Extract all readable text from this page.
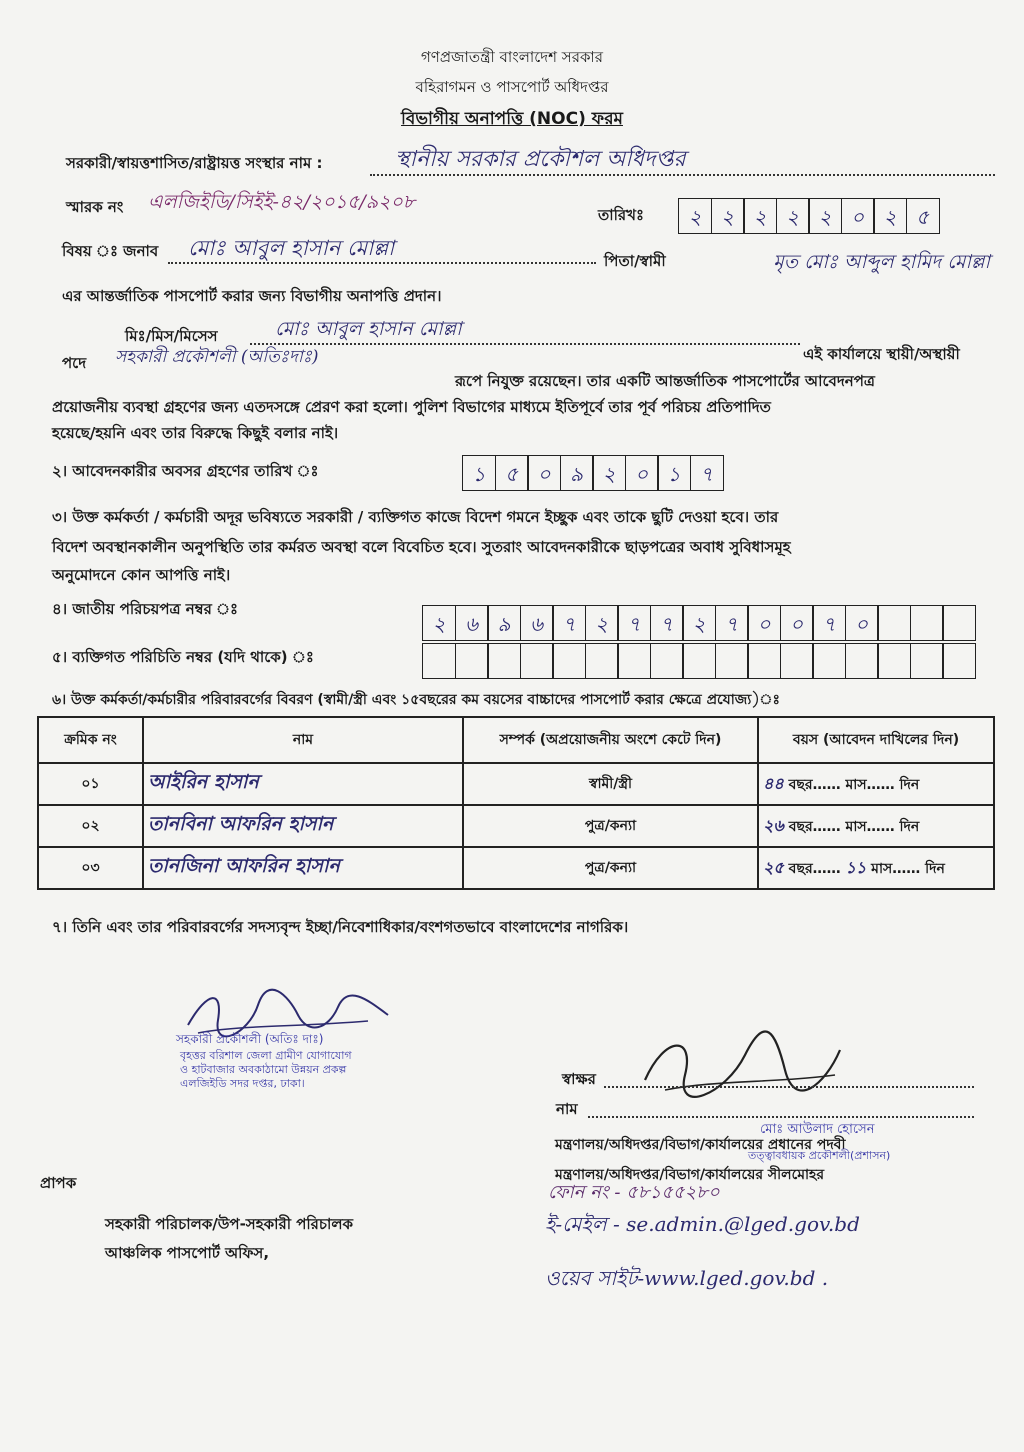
গণপ্রজাতন্ত্রী বাংলাদেশ সরকার
বহিরাগমন ও পাসপোর্ট অধিদপ্তর
বিভাগীয় অনাপত্তি (NOC) ফরম
সরকারী/স্বায়ত্তশাসিত/রাষ্ট্রায়ত্ত সংস্থার নাম :	স্থানীয় সরকার প্রকৌশল অধিদপ্তর
স্মারক নং এলজিইডি/সিইই-৪২/২০১৫/৯২০৮
তারিখঃ	২ ২ ২ ২ ২ ০ ২ ৫
বিষয় ঃ জনাব মোঃ আবুল হাসান মোল্লা
পিতা/স্বামী	মৃত মোঃ আব্দুল হামিদ মোল্লা
এর আন্তর্জাতিক পাসপোর্ট করার জন্য বিভাগীয় অনাপত্তি প্রদান।
মিঃ/মিস/মিসেস	মোঃ আবুল হাসান মোল্লা
এই কার্যালয়ে স্থায়ী/অস্থায়ী
পদে সহকারী প্রকৌশলী (অতিঃদাঃ)
রূপে নিযুক্ত রয়েছেন। তার একটি আন্তর্জাতিক পাসপোর্টের আবেদনপত্র
প্রয়োজনীয় ব্যবস্থা গ্রহণের জন্য এতদসঙ্গে প্রেরণ করা হলো। পুলিশ বিভাগের মাধ্যমে ইতিপূর্বে তার পূর্ব পরিচয় প্রতিপাদিত
হয়েছে/হয়নি এবং তার বিরুদ্ধে কিছুই বলার নাই।
২। আবেদনকারীর অবসর গ্রহণের তারিখ ঃ	১ ৫ ০ ৯ ২ ০ ১ ৭
৩। উক্ত কর্মকর্তা / কর্মচারী অদূর ভবিষ্যতে সরকারী / ব্যক্তিগত কাজে বিদেশ গমনে ইচ্ছুক এবং তাকে ছুটি দেওয়া হবে। তার
বিদেশ অবস্থানকালীন অনুপস্থিতি তার কর্মরত অবস্থা বলে বিবেচিত হবে। সুতরাং আবেদনকারীকে ছাড়পত্রের অবাধ সুবিধাসমূহ
অনুমোদনে কোন আপত্তি নাই।
৪। জাতীয় পরিচয়পত্র নম্বর ঃ
২ ৬ ৯ ৬ ৭ ২ ৭ ৭ ২ ৭ ০ ০ ৭ ০
৫। ব্যক্তিগত পরিচিতি নম্বর (যদি থাকে) ঃ
৬। উক্ত কর্মকর্তা/কর্মচারীর পরিবারবর্গের বিবরণ (স্বামী/স্ত্রী এবং ১৫বছরের কম বয়সের বাচ্চাদের পাসপোর্ট করার ক্ষেত্রে প্রযোজ্য)ঃ
ক্রমিক নং	নাম	সম্পর্ক (অপ্রয়োজনীয় অংশে কেটে দিন)	বয়স (আবেদন দাখিলের দিন)
০১	আইরিন হাসান	স্বামী/স্ত্রী	৪৪ বছর…… মাস…… দিন
০২	তানবিনা আফরিন হাসান	পুত্র/কন্যা	২৬ বছর…… মাস…… দিন
০৩	তানজিনা আফরিন হাসান	পুত্র/কন্যা	২৫ বছর…… ১১ মাস…… দিন
৭। তিনি এবং তার পরিবারবর্গের সদস্যবৃন্দ ইচ্ছা/নিবেশাধিকার/বংশগতভাবে বাংলাদেশের নাগরিক।
সহকারী প্রকৌশলী (অতিঃ দাঃ)
বৃহত্তর বরিশাল জেলা গ্রামীণ যোগাযোগ
ও হাটবাজার অবকাঠামো উন্নয়ন প্রকল্প
এলজিইডি সদর দপ্তর, ঢাকা।	স্বাক্ষর
নাম
মোঃ আউলাদ হোসেন
মন্ত্রণালয়/অধিদপ্তর/বিভাগ/কার্যালয়ের প্রধানের পদবী
তত্ত্বাবধায়ক প্রকৌশলী(প্রশাসন)
মন্ত্রণালয়/অধিদপ্তর/বিভাগ/কার্যালয়ের সীলমোহর
ফোন নং - ৫৮১৫৫২৮০
ই-মেইল - se.admin.@lged.gov.bd
ওয়েব সাইট-www.lged.gov.bd .
প্রাপক
সহকারী পরিচালক/উপ-সহকারী পরিচালক
আঞ্চলিক পাসপোর্ট অফিস,
